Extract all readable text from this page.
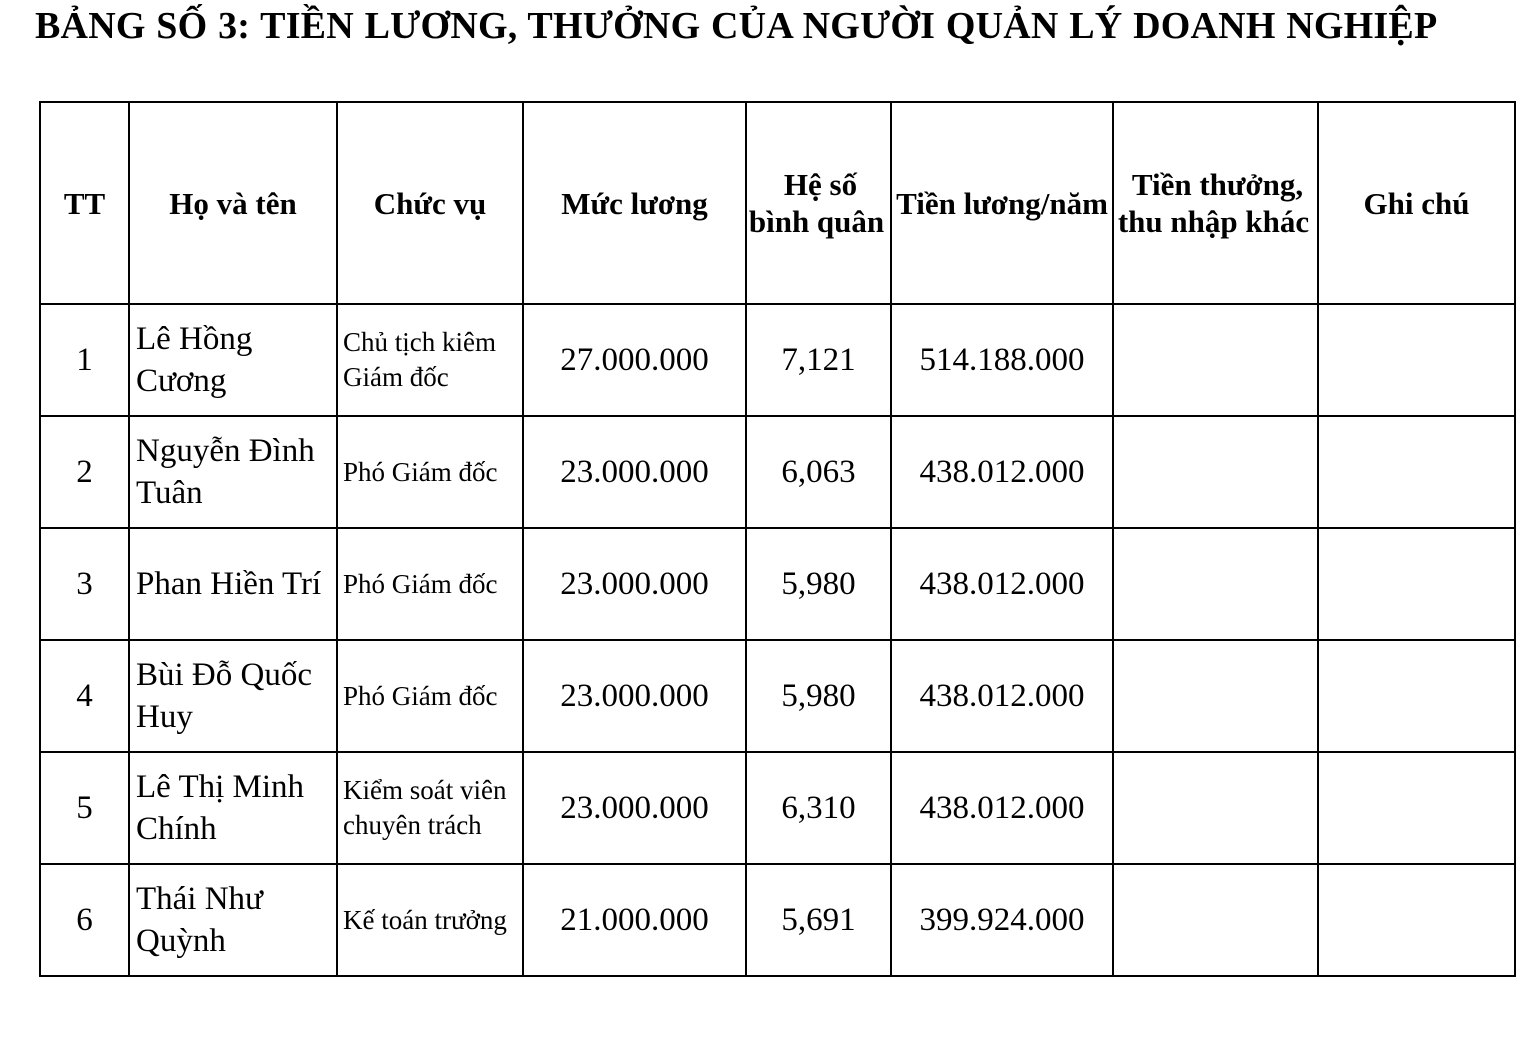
BẢNG SỐ 3: TIỀN LƯƠNG, THƯỞNG CỦA NGƯỜI QUẢN LÝ DOANH NGHIỆP
TT	Họ và tên	Chức vụ	Mức lương	Hệ số bình quân	Tiền lương/năm	Tiền thưởng, thu nhập khác	Ghi chú

1	Lê Hồng Cương	Chủ tịch kiêm Giám đốc	27.000.000	7,121	514.188.000		

2	Nguyễn Đình Tuân	Phó Giám đốc	23.000.000	6,063	438.012.000		

3	Phan Hiền Trí	Phó Giám đốc	23.000.000	5,980	438.012.000		

4	Bùi Đỗ Quốc Huy	Phó Giám đốc	23.000.000	5,980	438.012.000		

5	Lê Thị Minh Chính	Kiểm soát viên chuyên trách	23.000.000	6,310	438.012.000		

6	Thái Như Quỳnh	Kế toán trưởng	21.000.000	5,691	399.924.000		
